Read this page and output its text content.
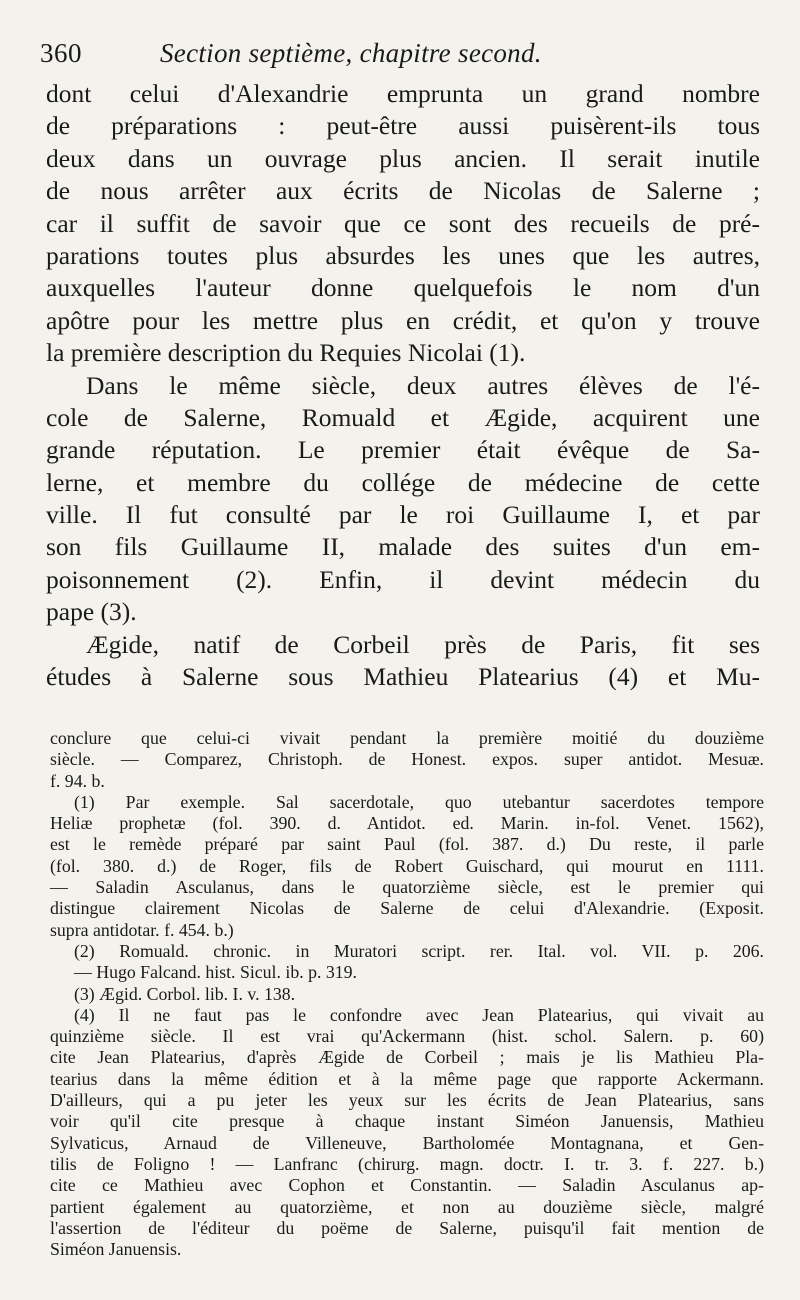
360	Section septième, chapitre second.
dont celui d'Alexandrie emprunta un grand nombre
de préparations : peut-être aussi puisèrent-ils tous
deux dans un ouvrage plus ancien. Il serait inutile
de nous arrêter aux écrits de Nicolas de Salerne ;
car il suffit de savoir que ce sont des recueils de pré-
parations toutes plus absurdes les unes que les autres,
auxquelles l'auteur donne quelquefois le nom d'un
apôtre pour les mettre plus en crédit, et qu'on y trouve
la première description du Requies Nicolai (1).
Dans le même siècle, deux autres élèves de l'é-
cole de Salerne, Romuald et Ægide, acquirent une
grande réputation. Le premier était évêque de Sa-
lerne, et membre du collége de médecine de cette
ville. Il fut consulté par le roi Guillaume I, et par
son fils Guillaume II, malade des suites d'un em-
poisonnement (2). Enfin, il devint médecin du
pape (3).
Ægide, natif de Corbeil près de Paris, fit ses
études à Salerne sous Mathieu Platearius (4) et Mu-
conclure que celui-ci vivait pendant la première moitié du douzième
siècle. — Comparez, Christoph. de Honest. expos. super antidot. Mesuæ.
f. 94. b.
(1) Par exemple. Sal sacerdotale, quo utebantur sacerdotes tempore
Heliæ prophetæ (fol. 390. d. Antidot. ed. Marin. in-fol. Venet. 1562),
est le remède préparé par saint Paul (fol. 387. d.) Du reste, il parle
(fol. 380. d.) de Roger, fils de Robert Guischard, qui mourut en 1111.
— Saladin Asculanus, dans le quatorzième siècle, est le premier qui
distingue clairement Nicolas de Salerne de celui d'Alexandrie. (Exposit.
supra antidotar. f. 454. b.)
(2) Romuald. chronic. in Muratori script. rer. Ital. vol. VII. p. 206.
— Hugo Falcand. hist. Sicul. ib. p. 319.
(3) Ægid. Corbol. lib. I. v. 138.
(4) Il ne faut pas le confondre avec Jean Platearius, qui vivait au
quinzième siècle. Il est vrai qu'Ackermann (hist. schol. Salern. p. 60)
cite Jean Platearius, d'après Ægide de Corbeil ; mais je lis Mathieu Pla-
tearius dans la même édition et à la même page que rapporte Ackermann.
D'ailleurs, qui a pu jeter les yeux sur les écrits de Jean Platearius, sans
voir qu'il cite presque à chaque instant Siméon Januensis, Mathieu
Sylvaticus, Arnaud de Villeneuve, Bartholomée Montagnana, et Gen-
tilis de Foligno ! — Lanfranc (chirurg. magn. doctr. I. tr. 3. f. 227. b.)
cite ce Mathieu avec Cophon et Constantin. — Saladin Asculanus ap-
partient également au quatorzième, et non au douzième siècle, malgré
l'assertion de l'éditeur du poëme de Salerne, puisqu'il fait mention de
Siméon Januensis.
